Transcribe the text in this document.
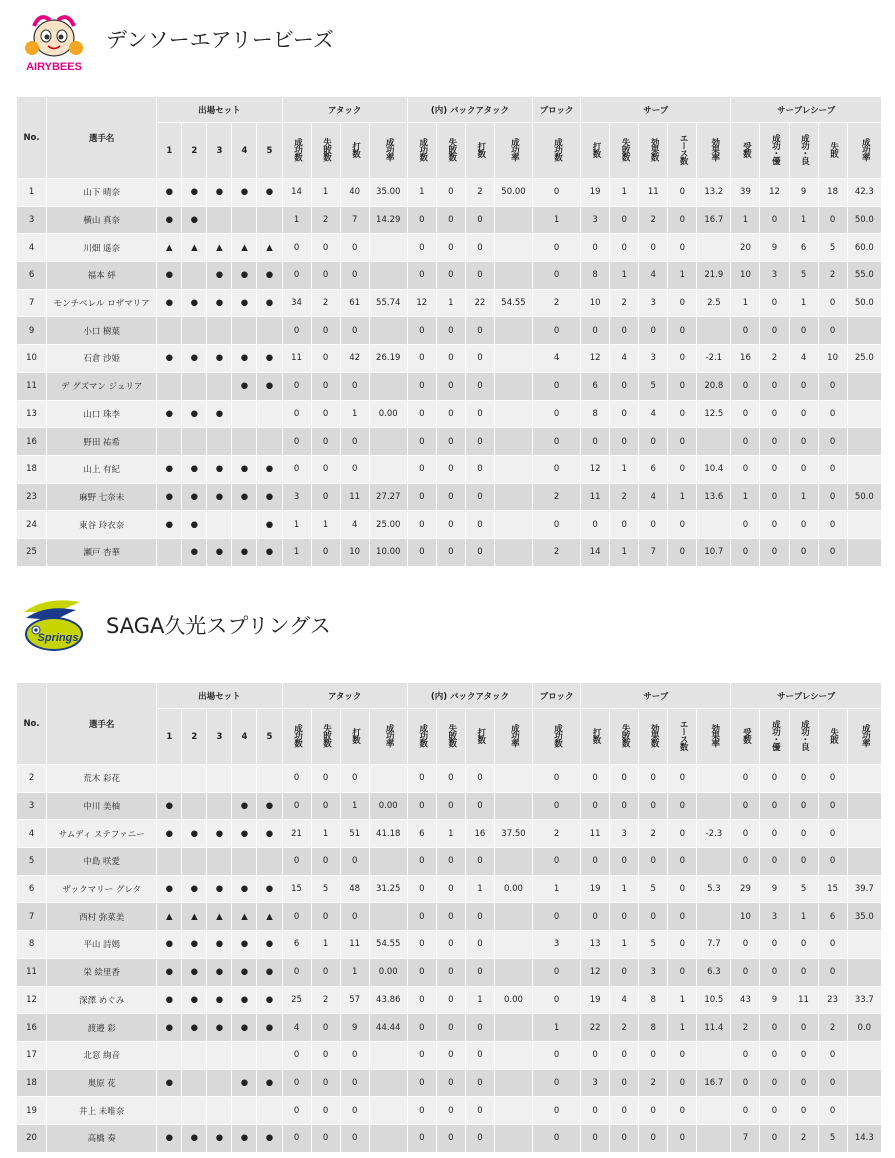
AIRYBEES
デンソーエアリービーズ
No.	選手名	出場セット					アタック				(内) バックアタック				ブロック	サーブ					サーブレシーブ				
		1	2	3	4	5	成功数	失敗数	打数	成功率	成功数	失敗数	打数	成功率	成功数	打数	失敗数	効果数	エース数	効果率	受数	成功・優	成功・良	失敗	成功率
1	山下 晴奈	●	●	●	●	●	14	1	40	35.00	1	0	2	50.00	0	19	1	11	0	13.2	39	12	9	18	42.3
3	横山 真奈	●	●				1	2	7	14.29	0	0	0		1	3	0	2	0	16.7	1	0	1	0	50.0
4	川畑 遥奈	▲	▲	▲	▲	▲	0	0	0		0	0	0		0	0	0	0	0		20	9	6	5	60.0
6	福本 絆	●		●	●	●	0	0	0		0	0	0		0	8	1	4	1	21.9	10	3	5	2	55.0
7	モンチベレル ロザマリア	●	●	●	●	●	34	2	61	55.74	12	1	22	54.55	2	10	2	3	0	2.5	1	0	1	0	50.0
9	小口 樹葉						0	0	0		0	0	0		0	0	0	0	0		0	0	0	0	
10	石倉 沙姫	●	●	●	●	●	11	0	42	26.19	0	0	0		4	12	4	3	0	-2.1	16	2	4	10	25.0
11	デ グズマン ジュリア				●	●	0	0	0		0	0	0		0	6	0	5	0	20.8	0	0	0	0	
13	山口 珠李	●	●	●			0	0	1	0.00	0	0	0		0	8	0	4	0	12.5	0	0	0	0	
16	野田 祐希						0	0	0		0	0	0		0	0	0	0	0		0	0	0	0	
18	山上 有紀	●	●	●	●	●	0	0	0		0	0	0		0	12	1	6	0	10.4	0	0	0	0	
23	麻野 七奈未	●	●	●	●	●	3	0	11	27.27	0	0	0		2	11	2	4	1	13.6	1	0	1	0	50.0
24	東谷 玲衣奈	●	●			●	1	1	4	25.00	0	0	0		0	0	0	0	0		0	0	0	0	
25	瀬戸 杏華		●	●	●	●	1	0	10	10.00	0	0	0		2	14	1	7	0	10.7	0	0	0	0	
Springs SAGA久光スプリングス
No.	選手名	出場セット					アタック				(内) バックアタック				ブロック	サーブ					サーブレシーブ				
		1	2	3	4	5	成功数	失敗数	打数	成功率	成功数	失敗数	打数	成功率	成功数	打数	失敗数	効果数	エース数	効果率	受数	成功・優	成功・良	失敗	成功率
2	荒木 彩花						0	0	0		0	0	0		0	0	0	0	0		0	0	0	0	
3	中川 美柚	●			●	●	0	0	1	0.00	0	0	0		0	0	0	0	0		0	0	0	0	
4	サムディ ステファニー	●	●	●	●	●	21	1	51	41.18	6	1	16	37.50	2	11	3	2	0	-2.3	0	0	0	0	
5	中島 咲愛						0	0	0		0	0	0		0	0	0	0	0		0	0	0	0	
6	ザックマリー グレタ	●	●	●	●	●	15	5	48	31.25	0	0	1	0.00	1	19	1	5	0	5.3	29	9	5	15	39.7
7	西村 弥菜美	▲	▲	▲	▲	▲	0	0	0		0	0	0		0	0	0	0	0		10	3	1	6	35.0
8	平山 詩嫣	●	●	●	●	●	6	1	11	54.55	0	0	0		3	13	1	5	0	7.7	0	0	0	0	
11	栄 絵里香	●	●	●	●	●	0	0	1	0.00	0	0	0		0	12	0	3	0	6.3	0	0	0	0	
12	深澤 めぐみ	●	●	●	●	●	25	2	57	43.86	0	0	1	0.00	0	19	4	8	1	10.5	43	9	11	23	33.7
16	渡邉 彩	●	●	●	●	●	4	0	9	44.44	0	0	0		1	22	2	8	1	11.4	2	0	0	2	0.0
17	北窓 絢音						0	0	0		0	0	0		0	0	0	0	0		0	0	0	0	
18	奥原 花	●			●	●	0	0	0		0	0	0		0	3	0	2	0	16.7	0	0	0	0	
19	井上 未唯奈						0	0	0		0	0	0		0	0	0	0	0		0	0	0	0	
20	高橋 奏	●	●	●	●	●	0	0	0		0	0	0		0	0	0	0	0		7	0	2	5	14.3
